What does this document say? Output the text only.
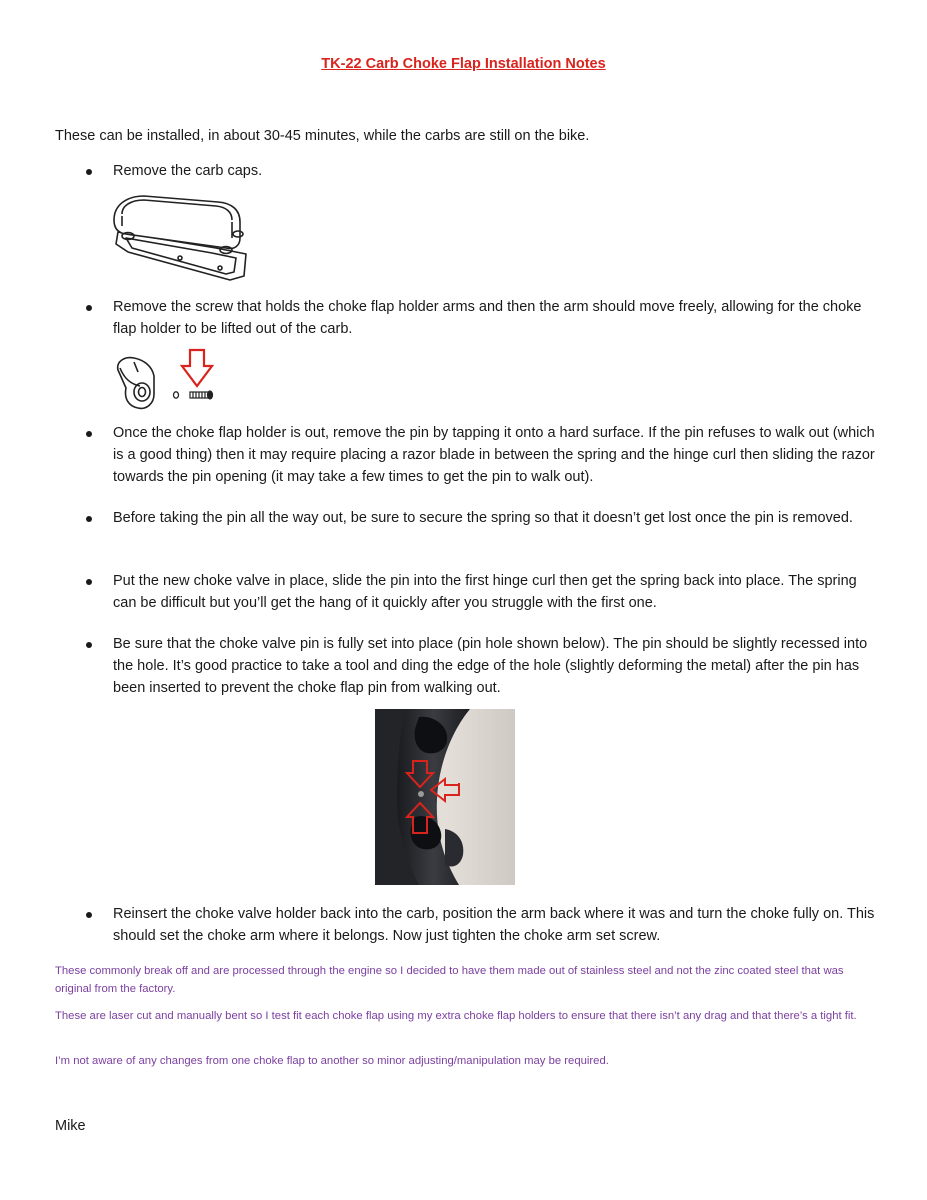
TK-22 Carb Choke Flap Installation Notes
These can be installed, in about 30-45 minutes, while the carbs are still on the bike.
Remove the carb caps.
Remove the screw that holds the choke flap holder arms and then the arm should move freely, allowing for the choke flap holder to be lifted out of the carb.
Once the choke flap holder is out, remove the pin by tapping it onto a hard surface. If the pin refuses to walk out (which is a good thing) then it may require placing a razor blade in between the spring and the hinge curl then sliding the razor towards the pin opening (it may take a few times to get the pin to walk out).
Before taking the pin all the way out, be sure to secure the spring so that it doesn’t get lost once the pin is removed.
Put the new choke valve in place, slide the pin into the first hinge curl then get the spring back into place. The spring can be difficult but you’ll get the hang of it quickly after you struggle with the first one.
Be sure that the choke valve pin is fully set into place (pin hole shown below). The pin should be slightly recessed into the hole. It’s good practice to take a tool and ding the edge of the hole (slightly deforming the metal) after the pin has been inserted to prevent the choke flap pin from walking out.
Reinsert the choke valve holder back into the carb, position the arm back where it was and turn the choke fully on. This should set the choke arm where it belongs. Now just tighten the choke arm set screw.
These commonly break off and are processed through the engine so I decided to have them made out of stainless steel and not the zinc coated steel that was original from the factory.
These are laser cut and manually bent so I test fit each choke flap using my extra choke flap holders to ensure that there isn’t any drag and that there’s a tight fit.
I’m not aware of any changes from one choke flap to another so minor adjusting/manipulation may be required.
Mike
